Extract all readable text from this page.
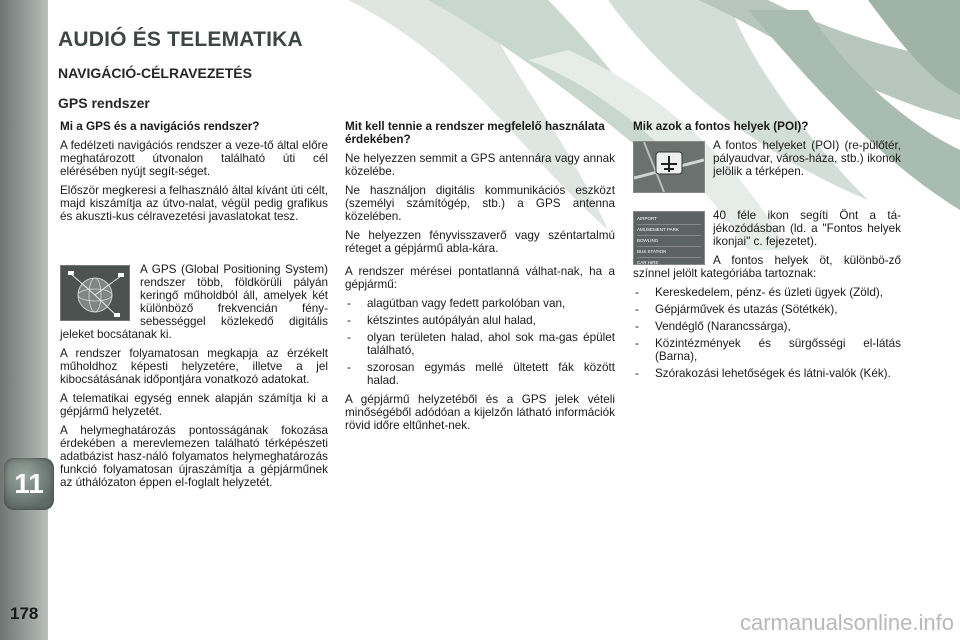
AUDIÓ ÉS TELEMATIKA
NAVIGÁCIÓ-CÉLRAVEZETÉS
GPS rendszer

Mi a GPS és a navigációs rendszer?

A fedélzeti navigációs rendszer a veze-tő által előre meghatározott útvonalon található úti cél elérésében nyújt segít-séget.

Először megkeresi a felhasználó által kívánt úti célt, majd kiszámítja az útvo-nalat, végül pedig grafikus és akuszti-kus célravezetési javaslatokat tesz.

A GPS (Global Positioning System) rendszer több, földkörüli pályán keringő műholdból áll, amelyek két különböző frekvencián fény-sebességgel közlekedő digitális jeleket bocsátanak ki.

A rendszer folyamatosan megkapja az érzékelt műholdhoz képesti helyzetére, illetve a jel kibocsátásának időpontjára vonatkozó adatokat.

A telematikai egység ennek alapján számítja ki a gépjármű helyzetét.

A helymeghatározás pontosságának fokozása érdekében a merevlemezen található térképészeti adatbázist hasz-náló folyamatos helymeghatározás funkció folyamatosan újraszámítja a gépjárműnek az úthálózaton éppen el-foglalt helyzetét.

Mit kell tennie a rendszer megfelelő használata érdekében?

Ne helyezzen semmit a GPS antennára vagy annak közelébe.

Ne használjon digitális kommunikációs eszközt (személyi számítógép, stb.) a GPS antenna közelében.

Ne helyezzen fényvisszaverő vagy széntartalmú réteget a gépjármű abla-kára.

A rendszer mérései pontatlanná válhat-nak, ha a gépjármű:

- alagútban vagy fedett parkolóban van,
- kétszintes autópályán alul halad,
- olyan területen halad, ahol sok ma-gas épület található,
- szorosan egymás mellé ültetett fák között halad.

A gépjármű helyzetéből és a GPS jelek vételi minőségéből adódóan a kijelzőn látható információk rövid időre eltűnhet-nek.

Mik azok a fontos helyek (POI)?

A fontos helyeket (POI) (re-pülőtér, pályaudvar, város-háza, stb.) ikonok jelölik a térképen.

AIRPORT
AMUSEMENT PARK
BOWLING
BUS STATION
CAR HIRE

40 féle ikon segíti Önt a tá-jékozódásban (ld. a "Fontos helyek ikonjai" c. fejezetet).

A fontos helyek öt, különbö-ző színnel jelölt kategóriába tartoznak:

- Kereskedelem, pénz- és üzleti ügyek (Zöld),
- Gépjárművek és utazás (Sötétkék),
- Vendéglő (Narancssárga),
- Közintézmények és sürgősségi el-látás (Barna),
- Szórakozási lehetőségek és látni-valók (Kék).
11
178	carmanualsonline.info
